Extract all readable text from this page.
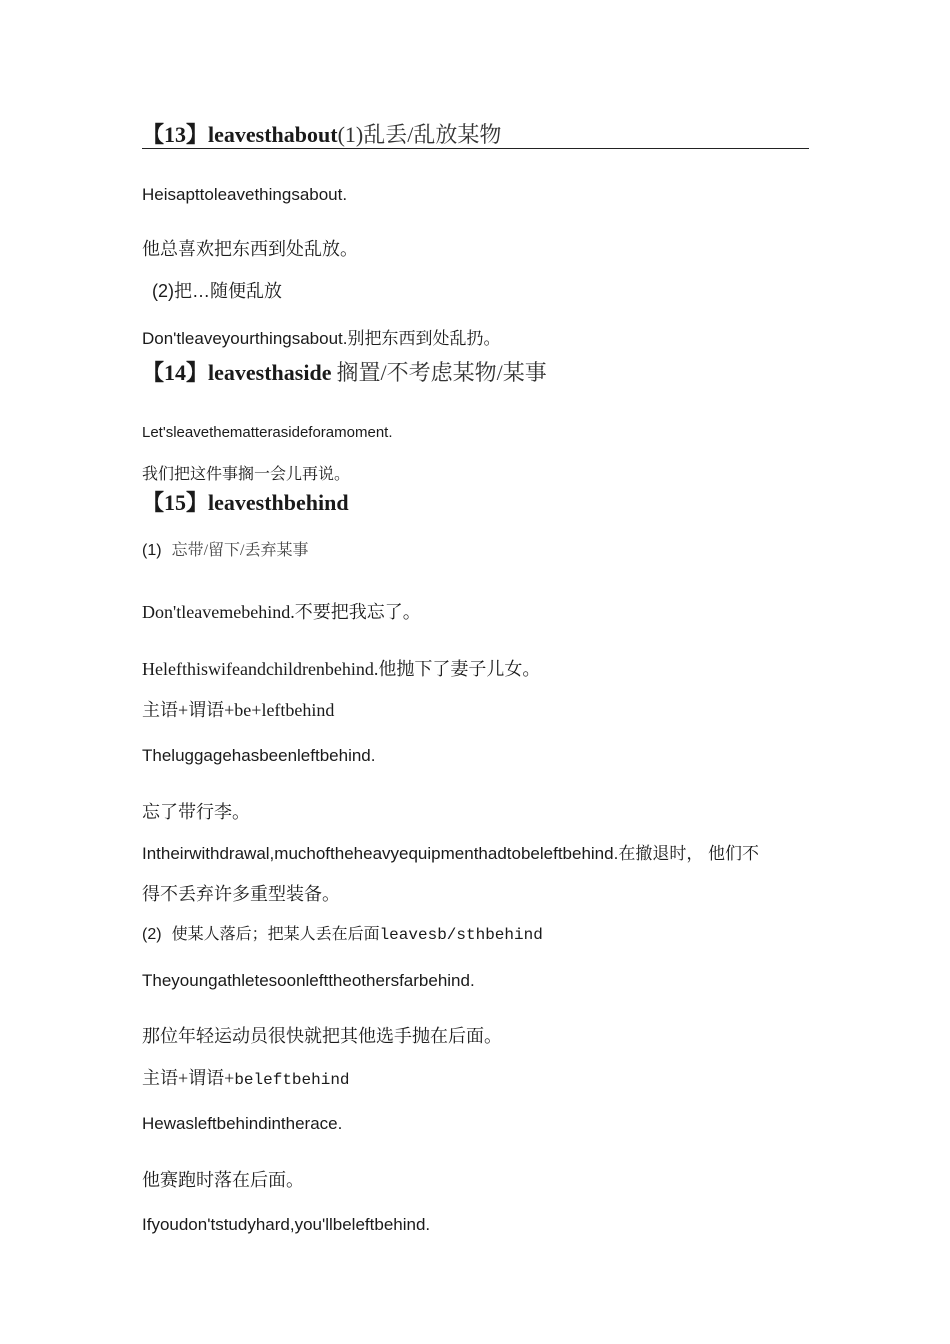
【13】leavesthabout(1)乱丢/乱放某物
Heisapttoleavethingsabout.
他总喜欢把东西到处乱放。
(2)把…随便乱放
Don'tleaveyourthingsabout.别把东西到处乱扔。
【14】leavesthaside 搁置/不考虑某物/某事
Let'sleavethematterasideforamoment.
我们把这件事搁一会儿再说。
【15】leavesthbehind
(1) 忘带/留下/丢弃某事
Don'tleavemebehind.不要把我忘了。
Helefthiswifeandchildrenbehind.他抛下了妻子儿女。
主语+谓语+be+leftbehind
Theluggagehasbeenleftbehind.
忘了带行李。
Intheirwithdrawal,muchoftheheavyequipmenthadtobeleftbehind.在撤退时， 他们不
得不丢弃许多重型装备。
(2) 使某人落后；把某人丢在后面leavesb/sthbehind
Theyoungathletesoonlefttheothersfarbehind.
那位年轻运动员很快就把其他选手抛在后面。
主语+谓语+beleftbehind
Hewasleftbehindintherace.
他赛跑时落在后面。
Ifyoudon'tstudyhard,you'llbeleftbehind.
